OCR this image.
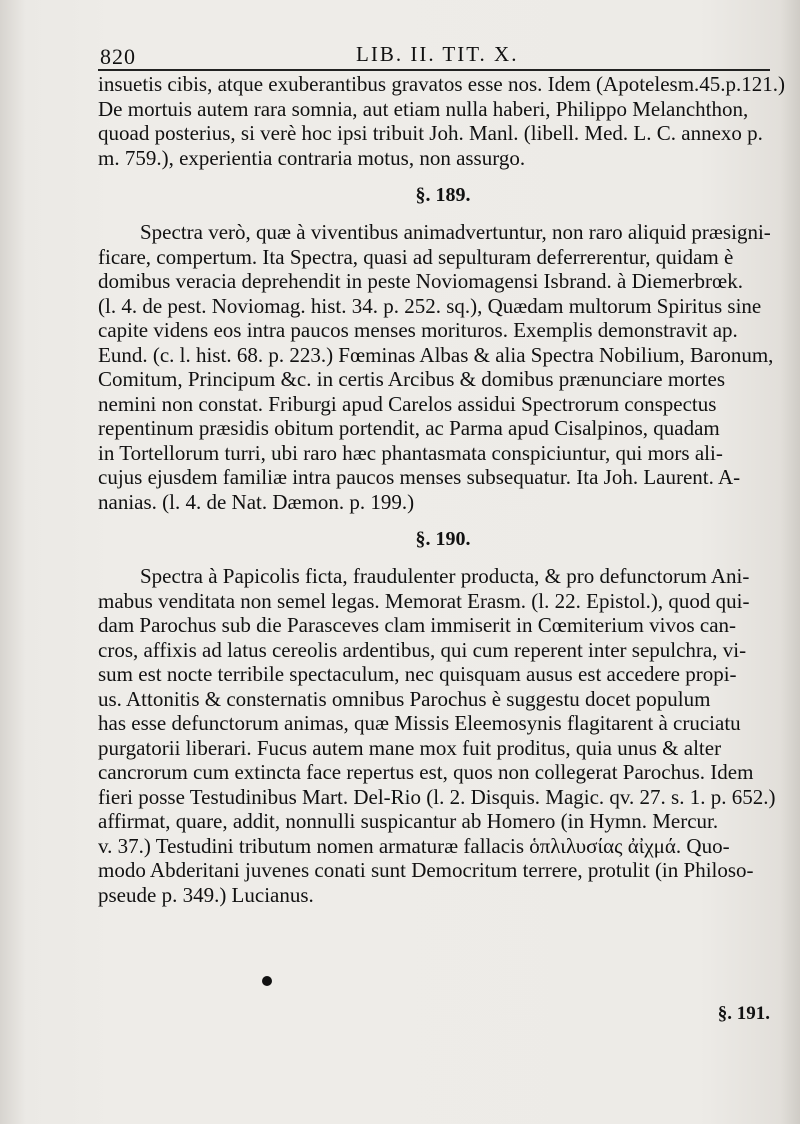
820	LIB. II. TIT. X.
insuetis cibis, atque exuberantibus gravatos esse nos. Idem (Apotelesm.45.p.121.)
De mortuis autem rara somnia, aut etiam nulla haberi, Philippo Melanchthon,
quoad posterius, si verè hoc ipsi tribuit Joh. Manl. (libell. Med. L. C. annexo p.
m. 759.), experientia contraria motus, non assurgo.
§. 189.
Spectra verò, quæ à viventibus animadvertuntur, non raro aliquid præsigni-
ficare, compertum. Ita Spectra, quasi ad sepulturam deferrerentur, quidam è
domibus veracia deprehendit in peste Noviomagensi Isbrand. à Diemerbrœk.
(l. 4. de pest. Noviomag. hist. 34. p. 252. sq.), Quædam multorum Spiritus sine
capite videns eos intra paucos menses morituros. Exemplis demonstravit ap.
Eund. (c. l. hist. 68. p. 223.) Fœminas Albas & alia Spectra Nobilium, Baronum,
Comitum, Principum &c. in certis Arcibus & domibus prænunciare mortes
nemini non constat. Friburgi apud Carelos assidui Spectrorum conspectus
repentinum præsidis obitum portendit, ac Parma apud Cisalpinos, quadam
in Tortellorum turri, ubi raro hæc phantasmata conspiciuntur, qui mors ali-
cujus ejusdem familiæ intra paucos menses subsequatur. Ita Joh. Laurent. A-
nanias. (l. 4. de Nat. Dæmon. p. 199.)
§. 190.
Spectra à Papicolis ficta, fraudulenter producta, & pro defunctorum Ani-
mabus venditata non semel legas. Memorat Erasm. (l. 22. Epistol.), quod qui-
dam Parochus sub die Parasceves clam immiserit in Cœmiterium vivos can-
cros, affixis ad latus cereolis ardentibus, qui cum reperent inter sepulchra, vi-
sum est nocte terribile spectaculum, nec quisquam ausus est accedere propi-
us. Attonitis & consternatis omnibus Parochus è suggestu docet populum
has esse defunctorum animas, quæ Missis Eleemosynis flagitarent à cruciatu
purgatorii liberari. Fucus autem mane mox fuit proditus, quia unus & alter
cancrorum cum extincta face repertus est, quos non collegerat Parochus. Idem
fieri posse Testudinibus Mart. Del-Rio (l. 2. Disquis. Magic. qv. 27. s. 1. p. 652.)
affirmat, quare, addit, nonnulli suspicantur ab Homero (in Hymn. Mercur.
v. 37.) Testudini tributum nomen armaturæ fallacis ὁπλιλυσίας ἀἰχμά. Quo-
modo Abderitani juvenes conati sunt Democritum terrere, protulit (in Philoso-
pseude p. 349.) Lucianus.
§. 191.
